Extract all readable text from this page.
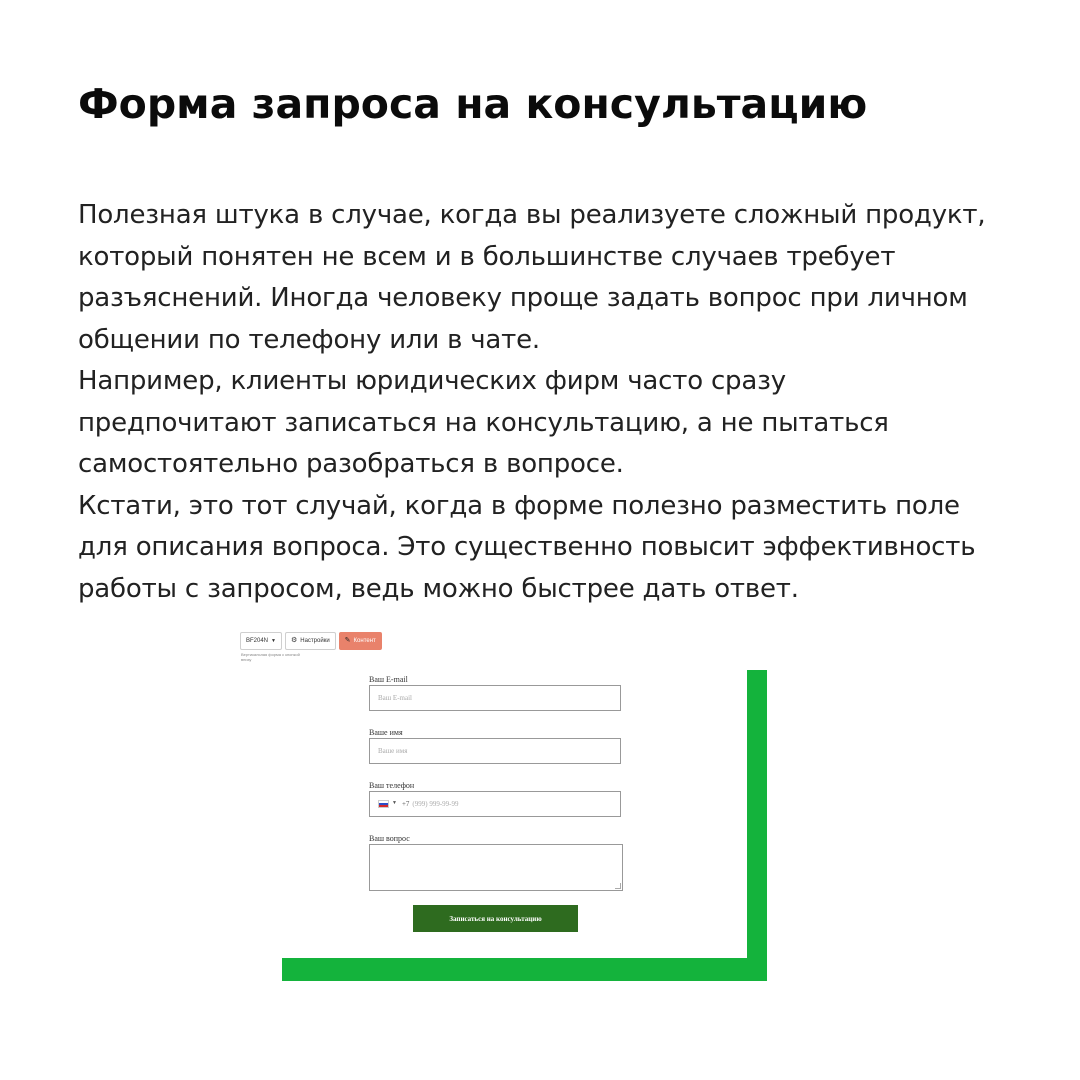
Форма запроса на консультацию
Полезная штука в случае, когда вы реализуете сложный продукт,
который понятен не всем и в большинстве случаев требует
разъяснений. Иногда человеку проще задать вопрос при личном
общении по телефону или в чате.
Например, клиенты юридических фирм часто сразу
предпочитают записаться на консультацию, а не пытаться
самостоятельно разобраться в вопросе.
Кстати, это тот случай, когда в форме полезно разместить поле
для описания вопроса. Это существенно повысит эффективность
работы с запросом, ведь можно быстрее дать ответ.
BF204N ▼ ⚙ Настройки ✎ Контент
Вертикальная форма с кнопкой внизу
Ваш E-mail
Ваш E-mail
Ваше имя
Ваше имя
Ваш телефон
▼ +7 (999) 999-99-99
Ваш вопрос
Записаться на консультацию
